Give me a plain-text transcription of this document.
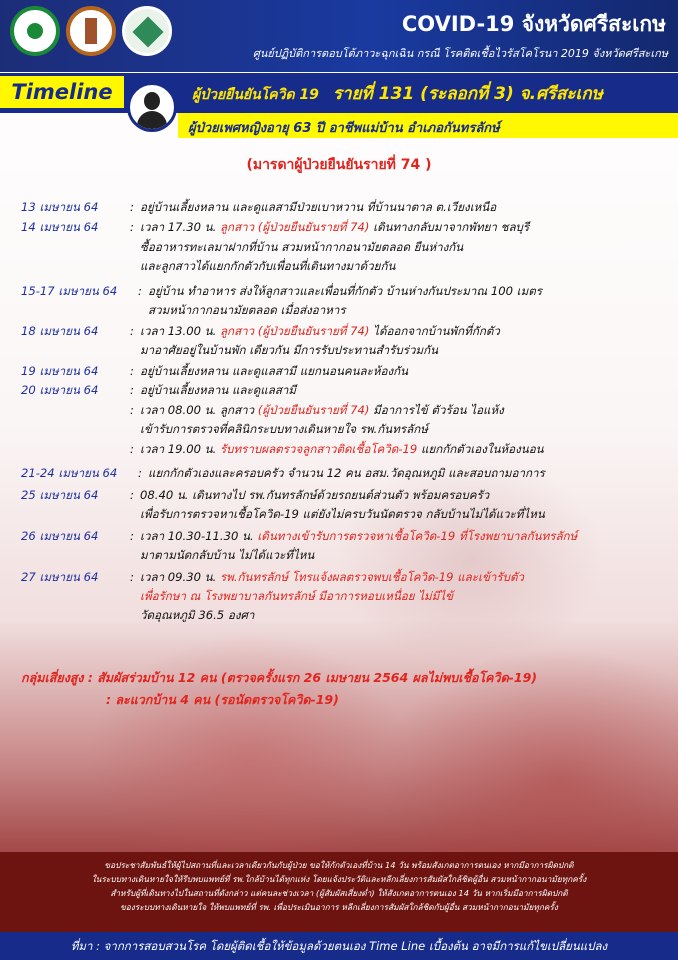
COVID-19 จังหวัดศรีสะเกษ
ศูนย์ปฏิบัติการตอบโต้ภาวะฉุกเฉิน กรณี โรคติดเชื้อไวรัสโคโรนา 2019 จังหวัดศรีสะเกษ
Timeline	ผู้ป่วยยืนยันโควิด 19 รายที่ 131 (ระลอกที่ 3) จ.ศรีสะเกษ
ผู้ป่วยเพศหญิงอายุ 63 ปี อาชีพแม่บ้าน อำเภอกันทรลักษ์
(มารดาผู้ป่วยยืนยันรายที่ 74 )
13 เมษายน 64	: อยู่บ้านเลี้ยงหลาน และดูแลสามีป่วยเบาหวาน ที่บ้านนาตาล ต.เวียงเหนือ
14 เมษายน 64	: เวลา 17.30 น. ลูกสาว (ผู้ป่วยยืนยันรายที่ 74) เดินทางกลับมาจากพัทยา ชลบุรี
ซื้ออาหารทะเลมาฝากที่บ้าน สวมหน้ากากอนามัยตลอด ยืนห่างกัน
และลูกสาวได้แยกกักตัวกับเพื่อนที่เดินทางมาด้วยกัน
15-17 เมษายน 64 : อยู่บ้าน ทำอาหาร ส่งให้ลูกสาวและเพื่อนที่กักตัว บ้านห่างกันประมาณ 100 เมตร
สวมหน้ากากอนามัยตลอด เมื่อส่งอาหาร
18 เมษายน 64	: เวลา 13.00 น. ลูกสาว (ผู้ป่วยยืนยันรายที่ 74) ได้ออกจากบ้านพักที่กักตัว
มาอาศัยอยู่ในบ้านพัก เดียวกัน มีการรับประทานสำรับร่วมกัน
19 เมษายน 64	: อยู่บ้านเลี้ยงหลาน และดูแลสามี แยกนอนคนละห้องกัน
20 เมษายน 64	: อยู่บ้านเลี้ยงหลาน และดูแลสามี
: เวลา 08.00 น. ลูกสาว (ผู้ป่วยยืนยันรายที่ 74) มีอาการไข้ ตัวร้อน ไอแห้ง
เข้ารับการตรวจที่คลินิกระบบทางเดินหายใจ รพ.กันทรลักษ์
: เวลา 19.00 น. รับทราบผลตรวจลูกสาวติดเชื้อโควิด-19 แยกกักตัวเองในห้องนอน
21-24 เมษายน 64 : แยกกักตัวเองและครอบครัว จำนวน 12 คน อสม.วัดอุณหภูมิ และสอบถามอาการ
25 เมษายน 64	: 08.40 น. เดินทางไป รพ.กันทรลักษ์ด้วยรถยนต์ส่วนตัว พร้อมครอบครัว
เพื่อรับการตรวจหาเชื้อโควิด-19 แต่ยังไม่ครบวันนัดตรวจ กลับบ้านไม่ได้แวะที่ไหน
26 เมษายน 64	: เวลา 10.30-11.30 น. เดินทางเข้ารับการตรวจหาเชื้อโควิด-19 ที่โรงพยาบาลกันทรลักษ์
มาตามนัดกลับบ้าน ไม่ได้แวะที่ไหน
27 เมษายน 64	: เวลา 09.30 น. รพ.กันทรลักษ์ โทรแจ้งผลตรวจพบเชื้อโควิด-19 และเข้ารับตัว
เพื่อรักษา ณ โรงพยาบาลกันทรลักษ์ มีอาการหอบเหนื่อย ไม่มีไข้
วัดอุณหภูมิ 36.5 องศา
กลุ่มเสี่ยงสูง : สัมผัสร่วมบ้าน 12 คน (ตรวจครั้งแรก 26 เมษายน 2564 ผลไม่พบเชื้อโควิด-19)
: ละแวกบ้าน 4 คน (รอนัดตรวจโควิด-19)
ขอประชาสัมพันธ์ให้ผู้ไปสถานที่และเวลาเดียวกันกับผู้ป่วย ขอให้กักตัวเองที่บ้าน 14 วัน พร้อมสังเกตอาการตนเอง หากมีอาการผิดปกติ
ในระบบทางเดินหายใจให้รีบพบแพทย์ที่ รพ.ใกล้บ้านได้ทุกแห่ง โดยแจ้งประวัติและหลีกเลี่ยงการสัมผัสใกล้ชิดผู้อื่น สวมหน้ากากอนามัยทุกครั้ง
สำหรับผู้ที่เดินทางไปในสถานที่ดังกล่าว แต่คนละช่วงเวลา (ผู้สัมผัสเสี่ยงต่ำ) ให้สังเกตอาการตนเอง 14 วัน หากเริ่มมีอาการผิดปกติ
ของระบบทางเดินหายใจ ให้พบแพทย์ที่ รพ. เพื่อประเมินอาการ หลีกเลี่ยงการสัมผัสใกล้ชิดกับผู้อื่น สวมหน้ากากอนามัยทุกครั้ง
ที่มา : จากการสอบสวนโรค โดยผู้ติดเชื้อให้ข้อมูลด้วยตนเอง Time Line เบื้องต้น อาจมีการแก้ไขเปลี่ยนแปลง
